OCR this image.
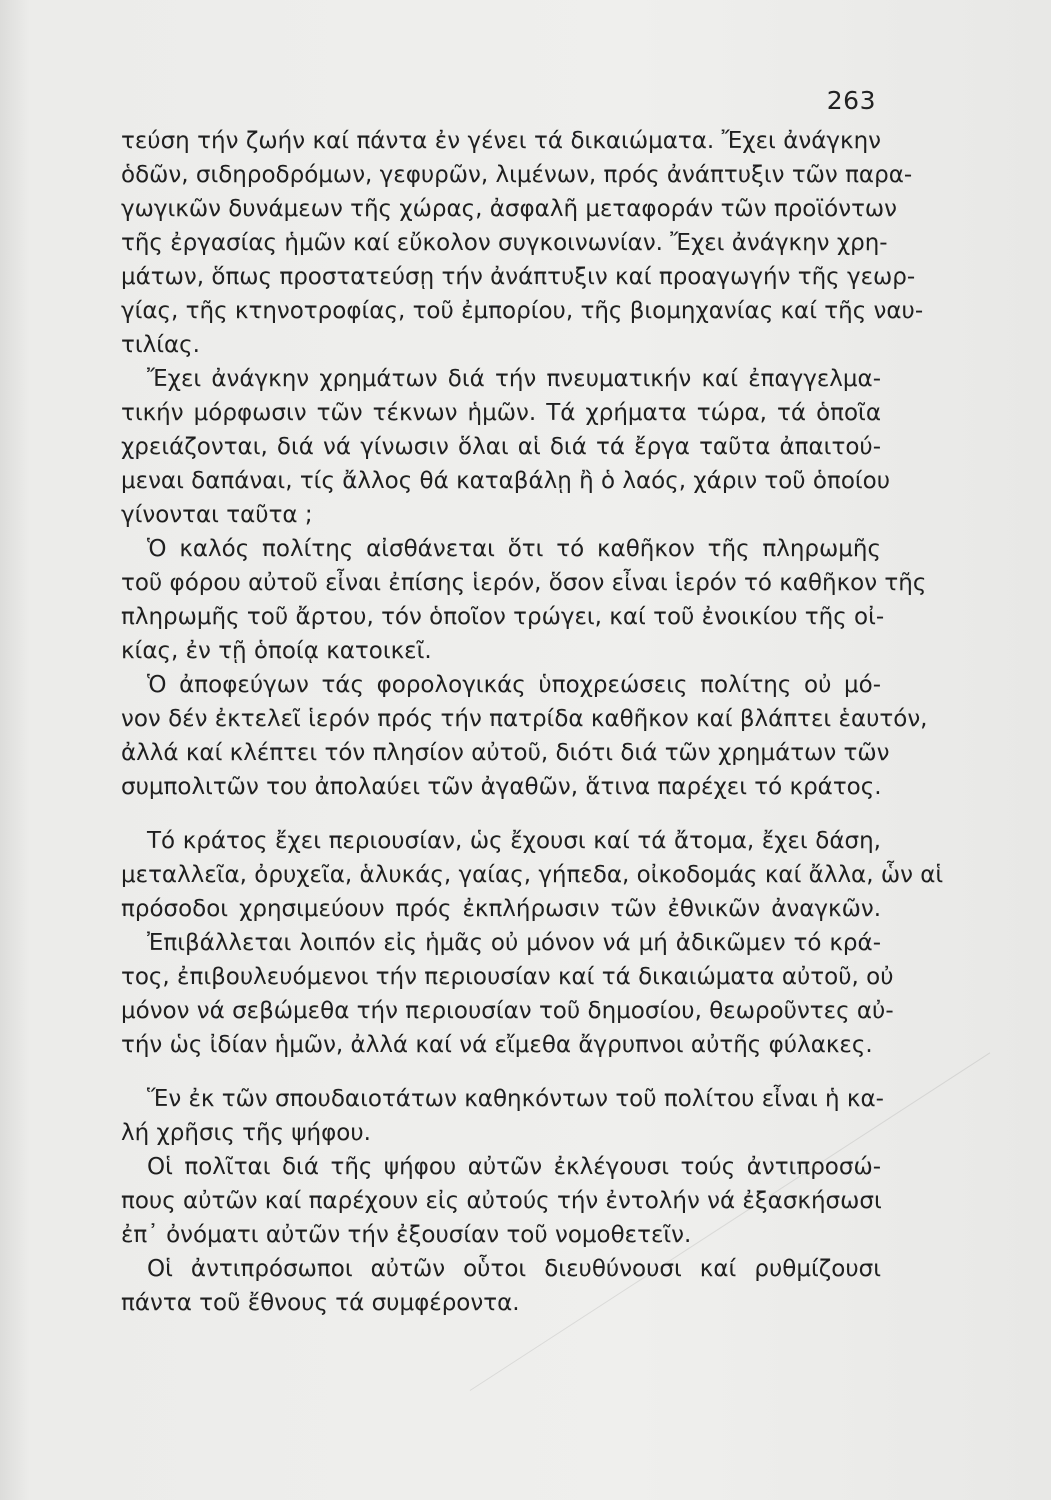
263
τεύση τήν ζωήν καί πάντα ἐν γένει τά δικαιώματα. Ἔχει ἀνάγκην
ὁδῶν, σιδηροδρόμων, γεφυρῶν, λιμένων, πρός ἀνάπτυξιν τῶν παρα-
γωγικῶν δυνάμεων τῆς χώρας, ἀσφαλῆ μεταφοράν τῶν προϊόντων
τῆς ἐργασίας ἡμῶν καί εὔκολον συγκοινωνίαν. Ἔχει ἀνάγκην χρη-
μάτων, ὅπως προστατεύσῃ τήν ἀνάπτυξιν καί προαγωγήν τῆς γεωρ-
γίας, τῆς κτηνοτροφίας, τοῦ ἐμπορίου, τῆς βιομηχανίας καί τῆς ναυ-
τιλίας.
Ἔχει ἀνάγκην χρημάτων διά τήν πνευματικήν καί ἐπαγγελμα-
τικήν μόρφωσιν τῶν τέκνων ἡμῶν. Τά χρήματα τώρα, τά ὁποῖα
χρειάζονται, διά νά γίνωσιν ὅλαι αἱ διά τά ἔργα ταῦτα ἀπαιτού-
μεναι δαπάναι, τίς ἄλλος θά καταβάλῃ ἢ ὁ λαός, χάριν τοῦ ὁποίου
γίνονται ταῦτα ;
Ὁ καλός πολίτης αἰσθάνεται ὅτι τό καθῆκον τῆς πληρωμῆς
τοῦ φόρου αὐτοῦ εἶναι ἐπίσης ἱερόν, ὅσον εἶναι ἱερόν τό καθῆκον τῆς
πληρωμῆς τοῦ ἄρτου, τόν ὁποῖον τρώγει, καί τοῦ ἐνοικίου τῆς οἰ-
κίας, ἐν τῇ ὁποίᾳ κατοικεῖ.
Ὁ ἀποφεύγων τάς φορολογικάς ὑποχρεώσεις πολίτης οὐ μό-
νον δέν ἐκτελεῖ ἱερόν πρός τήν πατρίδα καθῆκον καί βλάπτει ἑαυτόν,
ἀλλά καί κλέπτει τόν πλησίον αὐτοῦ, διότι διά τῶν χρημάτων τῶν
συμπολιτῶν του ἀπολαύει τῶν ἀγαθῶν, ἅτινα παρέχει τό κράτος.
Τό κράτος ἔχει περιουσίαν, ὡς ἔχουσι καί τά ἄτομα, ἔχει δάση,
μεταλλεῖα, ὀρυχεῖα, ἁλυκάς, γαίας, γήπεδα, οἰκοδομάς καί ἄλλα, ὧν αἱ
πρόσοδοι χρησιμεύουν πρός ἐκπλήρωσιν τῶν ἐθνικῶν ἀναγκῶν.
Ἐπιβάλλεται λοιπόν εἰς ἡμᾶς οὐ μόνον νά μή ἀδικῶμεν τό κρά-
τος, ἐπιβουλευόμενοι τήν περιουσίαν καί τά δικαιώματα αὐτοῦ, οὐ
μόνον νά σεβώμεθα τήν περιουσίαν τοῦ δημοσίου, θεωροῦντες αὐ-
τήν ὡς ἰδίαν ἡμῶν, ἀλλά καί νά εἴμεθα ἄγρυπνοι αὐτῆς φύλακες.
Ἕν ἐκ τῶν σπουδαιοτάτων καθηκόντων τοῦ πολίτου εἶναι ἡ κα-
λή χρῆσις τῆς ψήφου.
Οἱ πολῖται διά τῆς ψήφου αὐτῶν ἐκλέγουσι τούς ἀντιπροσώ-
πους αὐτῶν καί παρέχουν εἰς αὐτούς τήν ἐντολήν νά ἐξασκήσωσι
ἐπ᾿ ὀνόματι αὐτῶν τήν ἐξουσίαν τοῦ νομοθετεῖν.
Οἱ ἀντιπρόσωποι αὐτῶν οὗτοι διευθύνουσι καί ρυθμίζουσι
πάντα τοῦ ἔθνους τά συμφέροντα.
